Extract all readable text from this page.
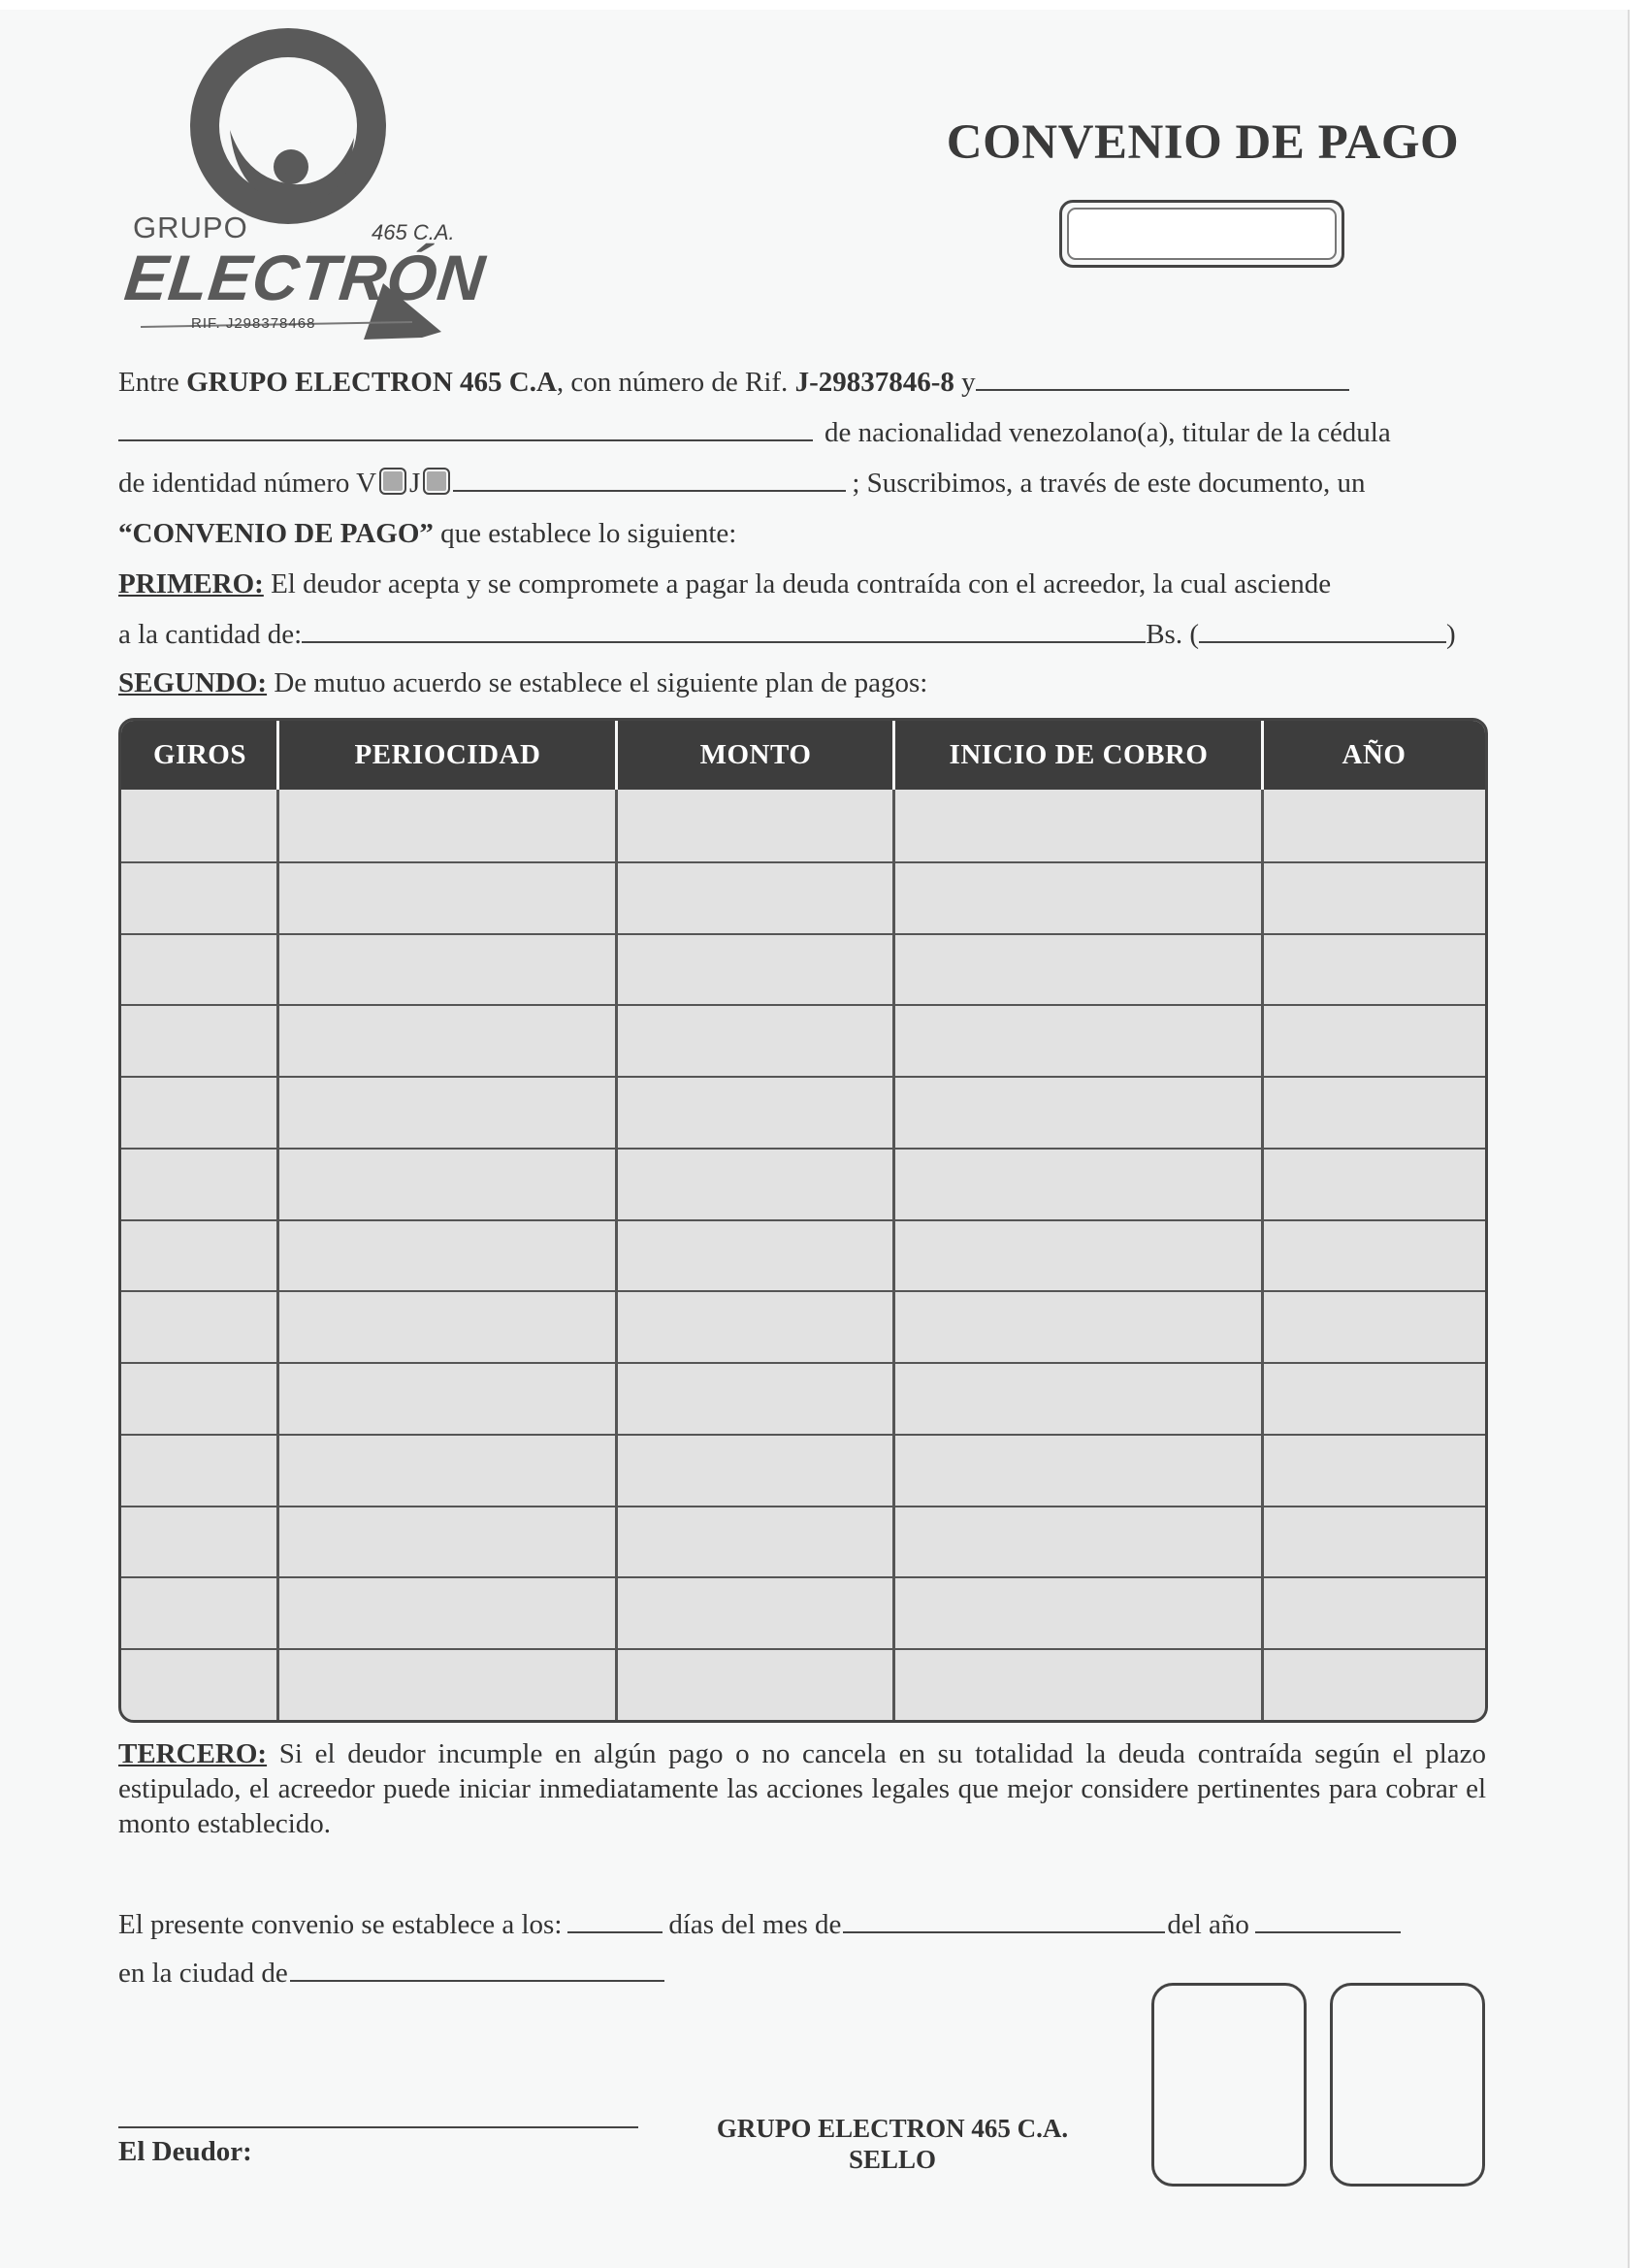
GRUPO	465 C.A.
ELECTRÓN
RIF. J298378468
CONVENIO DE PAGO
Entre GRUPO ELECTRON 465 C.A, con número de Rif. J-29837846-8 y
de nacionalidad venezolano(a), titular de la cédula
de identidad número V J	; Suscribimos, a través de este documento, un
“CONVENIO DE PAGO” que establece lo siguiente:
PRIMERO: El deudor acepta y se compromete a pagar la deuda contraída con el acreedor, la cual asciende
a la cantidad de:	Bs. (	)
SEGUNDO: De mutuo acuerdo se establece el siguiente plan de pagos:
GIROS	PERIOCIDAD	MONTO	INICIO DE COBRO	AÑO
TERCERO: Si el deudor incumple en algún pago o no cancela en su totalidad la deuda contraída según el plazo estipulado, el acreedor puede iniciar inmediatamente las acciones legales que mejor considere pertinentes para cobrar el monto establecido.
El presente convenio se establece a los:	días del mes de	del año
en la ciudad de
El Deudor:
GRUPO ELECTRON 465 C.A.
SELLO
